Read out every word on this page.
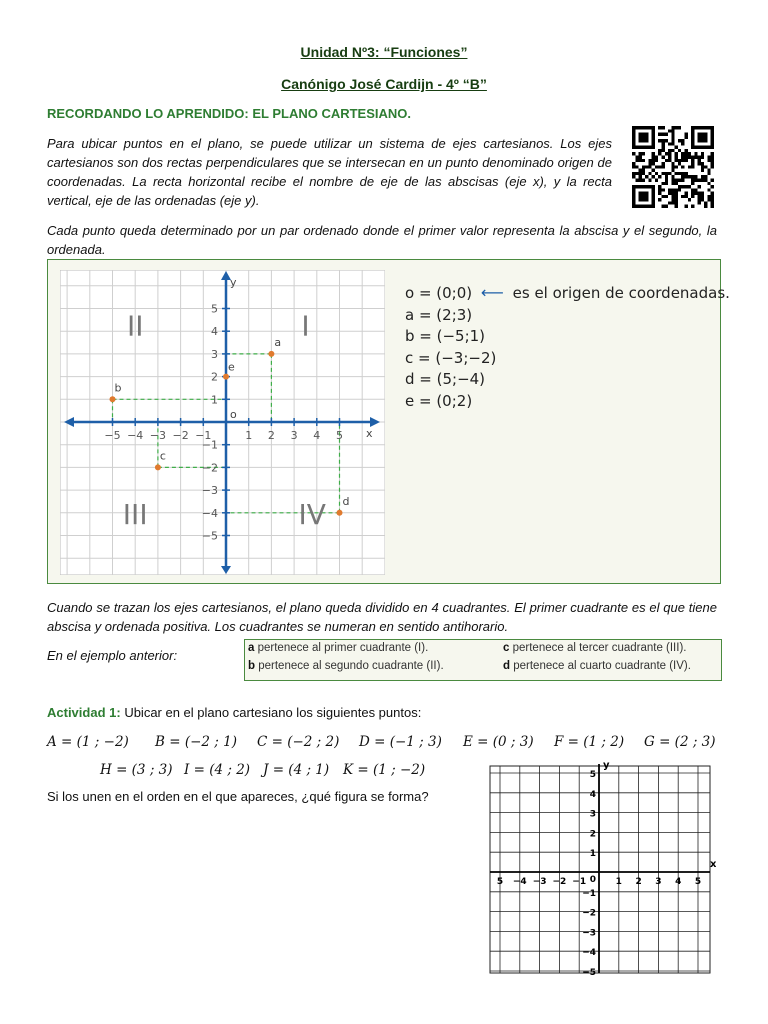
Unidad Nº3: “Funciones”
Canónigo José Cardijn - 4º “B”
RECORDANDO LO APRENDIDO: EL PLANO CARTESIANO.
Para ubicar puntos en el plano, se puede utilizar un sistema de ejes cartesianos. Los ejes cartesianos son dos rectas perpendiculares que se intersecan en un punto denominado origen de coordenadas. La recta horizontal recibe el nombre de eje de las abscisas (eje x), y la recta vertical, eje de las ordenadas (eje y).
Cada punto queda determinado por un par ordenado donde el primer valor representa la abscisa y el segundo, la ordenada.
y
x
−5 −4 −3 −2 −1	1 2 3 4 5
5
4
3
2
1
−1
−2
−3
−4
−5
I
II
III	IV
o
a
b
c
d
e
o = (0;0) ⟵ es el origen de coordenadas.
a = (2;3)
b = (−5;1)
c = (−3;−2)
d = (5;−4)
e = (0;2)
Cuando se trazan los ejes cartesianos, el plano queda dividido en 4 cuadrantes. El primer cuadrante es el que tiene abscisa y ordenada positiva. Los cuadrantes se numeran en sentido antihorario.
En el ejemplo anterior:	a pertenece al primer cuadrante (I).	c pertenece al tercer cuadrante (III).
b pertenece al segundo cuadrante (II).	d pertenece al cuarto cuadrante (IV).
Actividad 1: Ubicar en el plano cartesiano los siguientes puntos:
A = (1 ; −2) B = (−2 ; 1) C = (−2 ; 2) D = (−1 ; 3) E = (0 ; 3) F = (1 ; 2) G = (2 ; 3)
H = (3 ; 3) I = (4 ; 2) J = (4 ; 1) K = (1 ; −2)
Si los unen en el orden en el que apareces, ¿qué figura se forma?
x
y
5 −4 −3 −2 −1	1 2 3 4 5
5
4
3
2
1
−1
−2
−3
−4
−5
0
